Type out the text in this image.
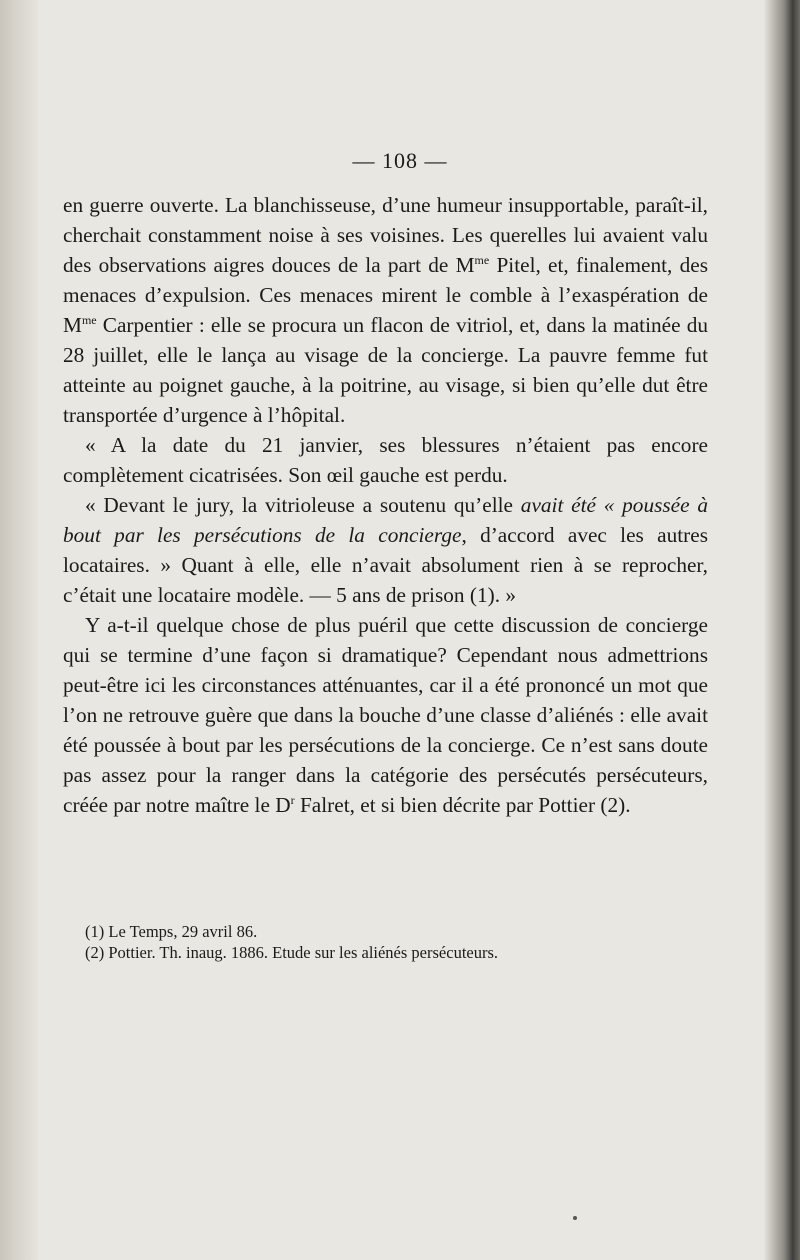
— 108 —

en guerre ouverte. La blanchisseuse, d’une humeur insupportable, paraît-il, cherchait constamment noise à ses voisines. Les querelles lui avaient valu des observations aigres douces de la part de $M^{me}$ Pitel, et, finalement, des menaces d’expulsion. Ces menaces mirent le comble à l’exaspération de $M^{me}$ Carpentier : elle se procura un flacon de vitriol, et, dans la matinée du 28 juillet, elle le lança au visage de la concierge. La pauvre femme fut atteinte au poignet gauche, à la poitrine, au visage, si bien qu’elle dut être transportée d’urgence à l’hôpital.

« A la date du 21 janvier, ses blessures n’étaient pas encore complètement cicatrisées. Son œil gauche est perdu.

« Devant le jury, la vitrioleuse a soutenu qu’elle avait été « poussée à bout par les persécutions de la concierge, d’accord avec les autres locataires. » Quant à elle, elle n’avait absolument rien à se reprocher, c’était une locataire modèle. — 5 ans de prison (1). »

Y a-t-il quelque chose de plus puéril que cette discussion de concierge qui se termine d’une façon si dramatique? Cependant nous admettrions peut-être ici les circonstances atténuantes, car il a été prononcé un mot que l’on ne retrouve guère que dans la bouche d’une classe d’aliénés : elle avait été poussée à bout par les persécutions de la concierge. Ce n’est sans doute pas assez pour la ranger dans la catégorie des persécutés persécuteurs, créée par notre maître le $D^r$ Falret, et si bien décrite par Pottier (2).

(1) Le Temps, 29 avril 86.

(2) Pottier. Th. inaug. 1886. Etude sur les aliénés persécuteurs.
